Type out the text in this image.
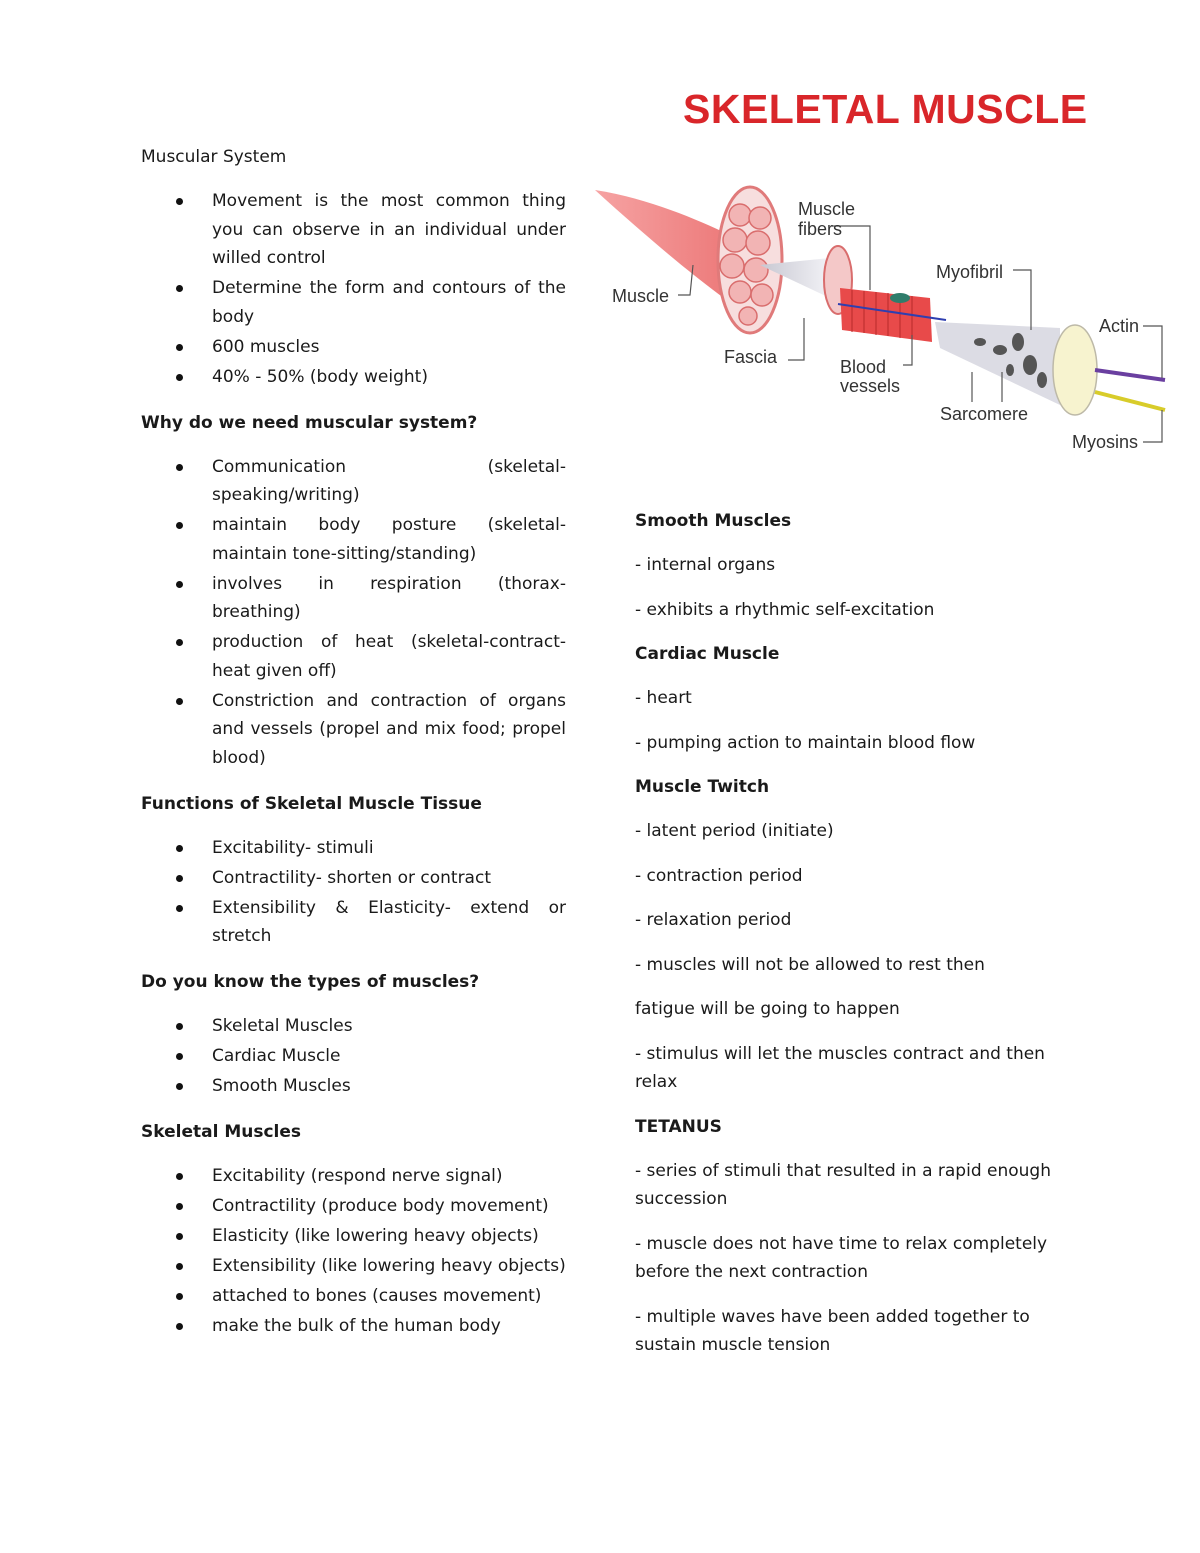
SKELETAL MUSCLE
Muscle
fibers
Myofibril
Actin
Muscle
Fascia	Blood
vessels
Sarcomere
Myosins

Muscular System

Movement is the most common thing you can observe in an individual under willed control
Determine the form and contours of the body
600 muscles
40% - 50% (body weight)

Why do we need muscular system?

Communication (skeletal- speaking/writing)
maintain body posture (skeletal- maintain tone-sitting/standing)
involves in respiration (thorax- breathing)
production of heat (skeletal-contract- heat given off)
Constriction and contraction of organs and vessels (propel and mix food; propel blood)

Functions of Skeletal Muscle Tissue

Excitability- stimuli
Contractility- shorten or contract
Extensibility & Elasticity- extend or stretch

Do you know the types of muscles?

Skeletal Muscles
Cardiac Muscle
Smooth Muscles

Skeletal Muscles

Excitability (respond nerve signal)
Contractility (produce body movement)
Elasticity (like lowering heavy objects)
Extensibility (like lowering heavy objects)
attached to bones (causes movement)
make the bulk of the human body

Smooth Muscles

- internal organs

- exhibits a rhythmic self-excitation

Cardiac Muscle

- heart

- pumping action to maintain blood flow

Muscle Twitch

- latent period (initiate)

- contraction period

- relaxation period

- muscles will not be allowed to rest then

fatigue will be going to happen

- stimulus will let the muscles contract and then relax

TETANUS

- series of stimuli that resulted in a rapid enough succession

- muscle does not have time to relax completely before the next contraction

- multiple waves have been added together to sustain muscle tension
